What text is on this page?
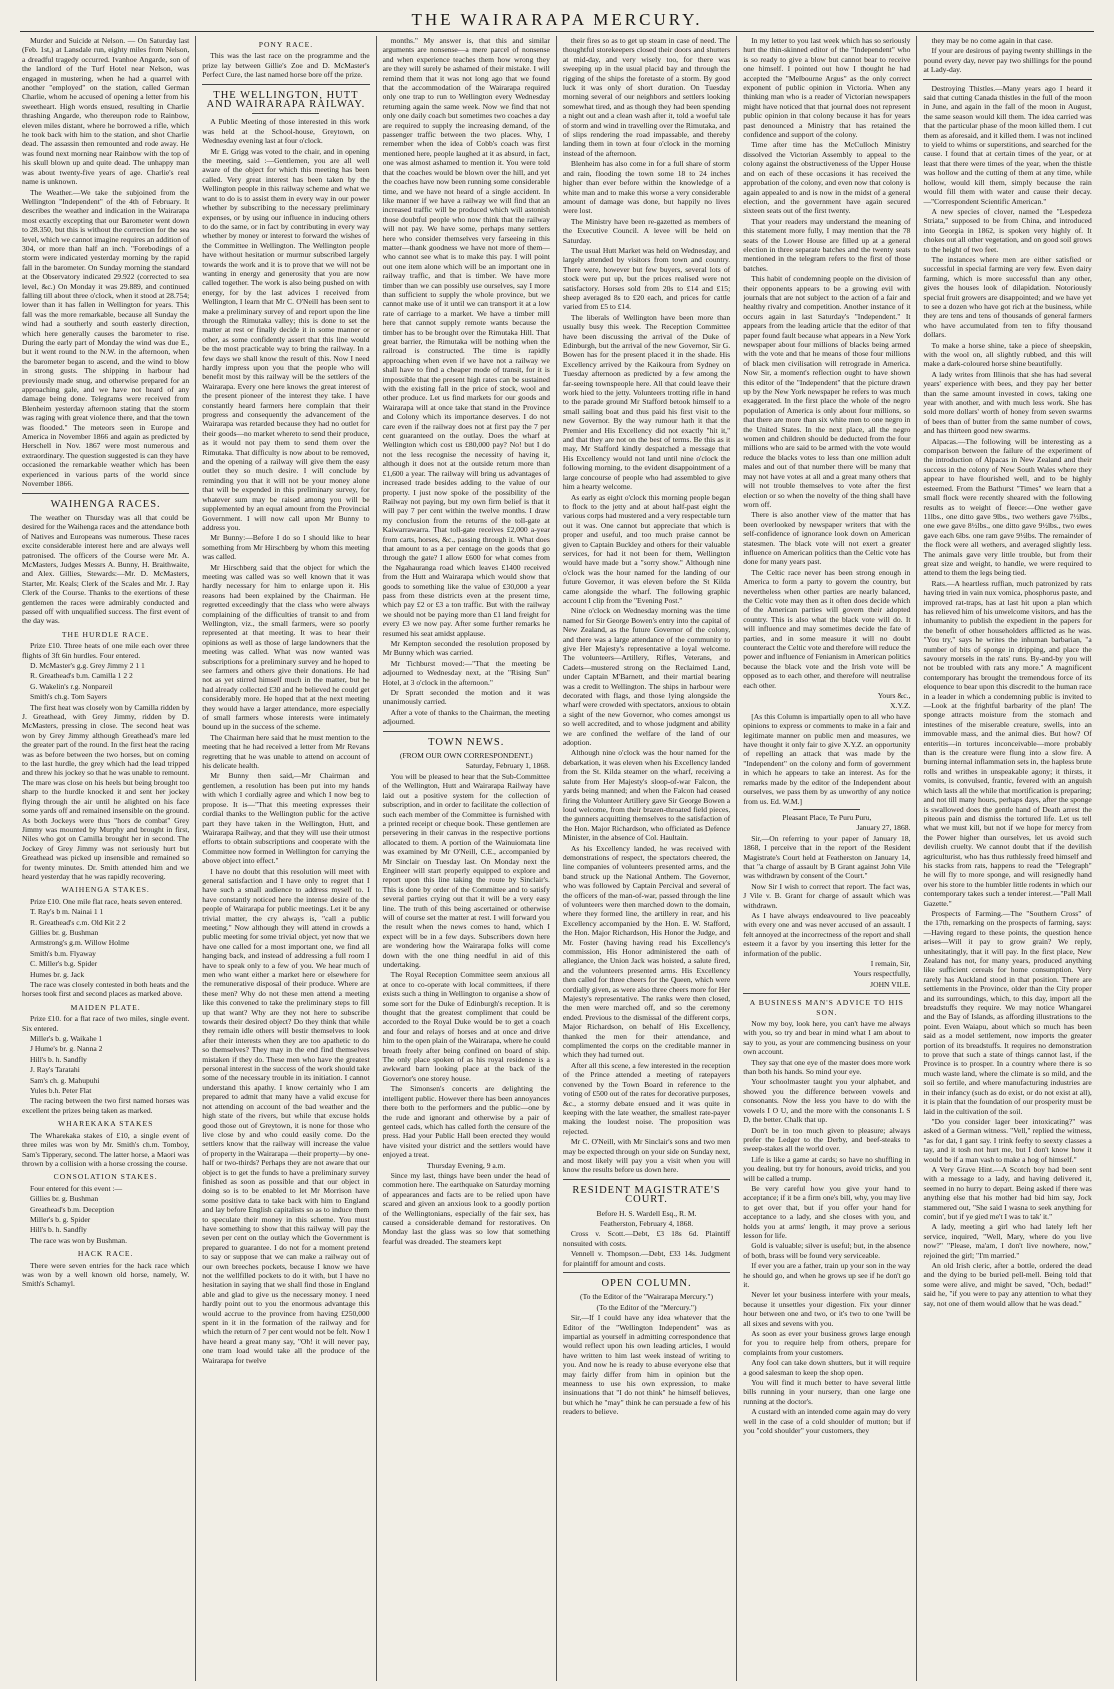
THE WAIRARAPA MERCURY.

Murder and Suicide at Nelson. — On Saturday last (Feb. 1st,) at Lansdale run, eighty miles from Nelson, a dreadful tragedy occurred. Ivanhoe Angarde, son of the landlord of the Turf Hotel near Nelson, was engaged in mustering, when he had a quarrel with another "employed" on the station, called German Charlie, whom he accused of opening a letter from his sweetheart. High words ensued, resulting in Charlie thrashing Angarde, who thereupon rode to Rainbow, eleven miles distant, where he borrowed a rifle, which he took back with him to the station, and shot Charlie dead. The assassin then remounted and rode away. He was found next morning near Rainbow with the top of his skull blown up and quite dead. The unhappy man was about twenty-five years of age. Charlie's real name is unknown.

The Weather.—We take the subjoined from the Wellington "Independent" of the 4th of February. It describes the weather and indication in the Wairarapa most exactly excepting that our Barometer went down to 28.350, but this is without the correction for the sea level, which we cannot imagine requires an addition of 304, or more than half an inch. "Forebodings of a storm were indicated yesterday morning by the rapid fall in the barometer. On Sunday morning the standard at the Observatory indicated 29.922 (corrected to sea level, &c.) On Monday it was 29.889, and continued falling till about three o'clock, when it stood at 28.754; lower than it has fallen in Wellington for years. This fall was the more remarkable, because all Sunday the wind had a southerly and south easterly direction, which here generally causes the barometer to rise. During the early part of Monday the wind was due E., but it went round to the N.W. in the afternoon, when the barometer began to ascend, and the wind to blow in strong gusts. The shipping in harbour had previously made snug, and otherwise prepared for an approaching gale, and we have not heard of any damage being done. Telegrams were received from Blenheim yesterday afternoon stating that the storm was raging with great violence there, and that the town was flooded." The meteors seen in Europe and America in November 1866 and again as predicted by Herschell in Nov. 1867 were most numerous and extraordinary. The question suggested is can they have occasioned the remarkable weather which has been experienced in various parts of the world since November 1866.

WAIHENGA RACES.

The weather on Thursday was all that could be desired for the Waihenga races and the attendance both of Natives and Europeans was numerous. These races excite considerable interest here and are always well patronised. The officers of the Course were Mr. A. McMasters, Judges Messrs A. Bunny, H. Braithwaite, and Alex. Gillies, Stewards:—Mr. D. McMasters, Starter, Mr. Keals; Clerk of the Scales and Mr. J. Ray Clerk of the Course. Thanks to the exertions of these gentlemen the races were admirably conducted and passed off with unqualified success. The first event of the day was.

THE HURDLE RACE.

Prize £10. Three heats of one mile each over three flights of 3ft 6in hurdles. Four entered.

D. McMaster's g.g. Grey Jimmy 2 1 1

R. Greathead's b.m. Camilla 1 2 2

G. Wakelin's r.g. Nonpareil

Smith's ch.g. Tom Sayers

The first heat was closely won by Camilla ridden by J. Greathead, with Grey Jimmy, ridden by D. McMasters, pressing in close. The second heat was won by Grey Jimmy although Greathead's mare led the greater part of the round. In the first heat the racing was as before between the two horses, but on coming to the last hurdle, the grey which had the lead tripped and threw his jockey so that he was unable to remount. The mare was close on his heels but being brought too sharp to the hurdle knocked it and sent her jockey flying through the air until he alighted on his face some yards off and remained insensible on the ground. As both Jockeys were thus "hors de combat" Grey Jimmy was mounted by Murphy and brought in first, Niles who got on Camilla brought her in second. The Jockey of Grey Jimmy was not seriously hurt but Greathead was picked up insensible and remained so for twenty minutes. Dr. Smith attended him and we heard yesterday that he was rapidly recovering.

WAIHENGA STAKES.

Prize £10. One mile flat race, heats seven entered.

T. Ray's b m. Nainai 1 1

R. Greathead's c.m. Old Kit 2 2

Gillies br. g. Bushman

Armstrong's g.m. Willow Holme

Smith's b.m. Flyaway

C. Miller's b.g. Spider

Humes br. g. Jack

The race was closely contested in both heats and the horses took first and second places as marked above.

MAIDEN PLATE.

Prize £10. for a flat race of two miles, single event. Six entered.

Miller's b. g. Waikahe 1

J Hume's br. g. Nanna 2

Hill's b. h. Sandfly

J. Ray's Taratahi

Sam's ch. g. Mahupuhi

Yules b.h. Peter Flat

The racing between the two first named horses was excellent the prizes being taken as marked.

WHAREKAKA STAKES

The Wharekaka stakes of £10, a single event of three miles was won by Mr. Smith's ch.m. Tomboy, Sam's Tipperary, second. The latter horse, a Maori was thrown by a collision with a horse crossing the course.

CONSOLATION STAKES.

Four entered for this event :—

Gillies br. g. Bushman

Greathead's b.m. Deception

Miller's b. g. Spider

Hill's b. h. Sandfly

The race was won by Bushman.

HACK RACE.

There were seven entries for the hack race which was won by a well known old horse, namely, W. Smith's Schamyl.

PONY RACE.

This was the last race on the programme and the prize lay between Gillie's Zoe and D. McMaster's Perfect Cure, the last named horse bore off the prize.

THE WELLINGTON, HUTT AND WAIRARAPA RAILWAY.

A Public Meeting of those interested in this work was held at the School-house, Greytown, on Wednesday evening last at four o'clock.

Mr E. Grigg was voted to the chair, and in opening the meeting, said :—Gentlemen, you are all well aware of the object for which this meeting has been called. Very great interest has been taken by the Wellington people in this railway scheme and what we want to do is to assist them in every way in our power whether by subscribing to the necessary preliminary expenses, or by using our influence in inducing others to do the same, or in fact by contributing in every way whether by money or interest to forward the wishes of the Committee in Wellington. The Wellington people have without hesitation or murmur subscribed largely towards the work and it is to prove that we will not be wanting in energy and generosity that you are now called together. The work is also being pushed on with energy, for by the last advices I received from Wellington, I learn that Mr C. O'Neill has been sent to make a preliminary survey of and report upon the line through the Rimutaka valley; this is done to set the matter at rest or finally decide it in some manner or other, as some confidently assert that this line would be the most practicable way to bring the railway. In a few days we shall know the result of this. Now I need hardly impress upon you that the people who will benefit most by this railway will be the settlers of the Wairarapa. Every one here knows the great interest of the present pioneer of the interest they take. I have constantly heard farmers here complain that their progress and consequently the advancement of the Wairarapa was retarded because they had no outlet for their goods—no market whereto to send their produce, as it would not pay them to send them over the Rimutaka. That difficulty is now about to be removed, and the opening of a railway will give them the easy outlet they so much desire. I will conclude by reminding you that it will not be your money alone that will be expended in this preliminary survey, for whatever sum may be raised among you will be supplemented by an equal amount from the Provincial Government. I will now call upon Mr Bunny to address you.

Mr Bunny:—Before I do so I should like to hear something from Mr Hirschberg by whom this meeting was called.

Mr Hirschberg said that the object for which the meeting was called was so well known that it was hardly necessary for him to enlarge upon it. His reasons had been explained by the Chairman. He regretted exceedingly that the class who were always complaining of the difficulties of transit to and from Wellington, viz., the small farmers, were so poorly represented at that meeting. It was to hear their opinions as well as those of large landowners that the meeting was called. What was now wanted was subscriptions for a preliminary survey and he hoped to see farmers and others give their donations. He had not as yet stirred himself much in the matter, but he had already collected £30 and he believed he could get considerably more. He hoped that at the next meeting they would have a larger attendance, more especially of small farmers whose interests were intimately bound up in the success of the scheme.

The Chairman here said that he must mention to the meeting that he had received a letter from Mr Revans regretting that he was unable to attend on account of his delicate health.

Mr Bunny then said,—Mr Chairman and gentlemen, a resolution has been put into my hands with which I cordially agree and which I now beg to propose. It is—"That this meeting expresses their cordial thanks to the Wellington public for the active part they have taken in the Wellington, Hutt, and Wairarapa Railway, and that they will use their utmost efforts to obtain subscriptions and cooperate with the Committee now formed in Wellington for carrying the above object into effect."

I have no doubt that this resolution will meet with general satisfaction and I have only to regret that I have such a small audience to address myself to. I have constantly noticed here the intense desire of the people of Wairarapa for public meetings. Let it be any trivial matter, the cry always is, "call a public meeting." Now although they will attend in crowds a public meeting for some trivial object, yet now that we have one called for a most important one, we find all hanging back, and instead of addressing a full room I have to speak only to a few of you. We hear much of men who want either a market here or elsewhere for the remunerative disposal of their produce. Where are these men? Why do not these men attend a meeting like this convened to take the preliminary steps to fill up that want? Why are they not here to subscribe towards their desired object? Do they think that while they remain idle others will bestir themselves to look after their interests when they are too apathetic to do so themselves? They may in the end find themselves mistaken if they do. These men who have the greatest personal interest in the success of the work should take some of the necessary trouble in its initiation. I cannot understand this apathy. I know certainly who I am prepared to admit that many have a valid excuse for not attending on account of the bad weather and the high state of the rivers, but while that excuse holds good those out of Greytown, it is none for those who live close by and who could easily come. Do the settlers know that the railway will increase the value of property in the Wairarapa —their property—by one-half or two-thirds? Perhaps they are not aware that our object is to get the funds to have a preliminary survey finished as soon as possible and that our object in doing so is to be enabled to let Mr Morrison have some positive data to take back with him to England and lay before English capitalists so as to induce them to speculate their money in this scheme. You must have something to show that this railway will pay the seven per cent on the outlay which the Government is prepared to guarantee. I do not for a moment pretend to say or suppose that we can make a railway out of our own breeches pockets, because I know we have not the wellfilled pockets to do it with, but I have no hesitation in saying that we shall find those in England able and glad to give us the necessary money. I need hardly point out to you the enormous advantage this would accrue to the province from having £250,000 spent in it in the formation of the railway and for which the return of 7 per cent would not be felt. Now I have heard a great many say, "Oh! it will never pay, one tram load would take all the produce of the Wairarapa for twelve

months." My answer is, that this and similar arguments are nonsense—a mere parcel of nonsense and when experience teaches them how wrong they are they will surely be ashamed of their mistake. I will remind them that it was not long ago that we found that the accommodation of the Wairarapa required only one trap to run to Wellington every Wednesday returning again the same week. Now we find that not only one daily coach but sometimes two coaches a day are required to supply the increasing demand, of the passenger traffic between the two places. Why, I remember when the idea of Cobb's coach was first mentioned here, people laughed at it as absurd, in fact, one was almost ashamed to mention it. You were told that the coaches would be blown over the hill, and yet the coaches have now been running some considerable time, and we have not heard of a single accident. In like manner if we have a railway we will find that an increased traffic will be produced which will astonish those doubtful people who now think that the railway will not pay. We have some, perhaps many settlers here who consider themselves very farseeing in this matter—thank goodness we have not more of them—who cannot see what is to make this pay. I will point out one item alone which will be an important one in railway traffic, and that is timber. We have more timber than we can possibly use ourselves, say I more than sufficient to supply the whole province, but we cannot make use of it until we can transport it at a low rate of carriage to a market. We have a timber mill here that cannot supply remote wants because the timber has to be brought over the Rimutaka Hill. That great barrier, the Rimutaka will be nothing when the railroad is constructed. The time is rapidly approaching when even if we have not a railway we shall have to find a cheaper mode of transit, for it is impossible that the present high rates can be sustained with the existing fall in the price of stock, wool and other produce. Let us find markets for our goods and Wairarapa will at once take that stand in the Province and Colony which its importance deserves. I do not care even if the railway does not at first pay the 7 per cent guaranteed on the outlay. Does the wharf at Wellington which cost us £80,000 pay? No! but I do not the less recognise the necessity of having it, although it does not at the outside return more than £1,600 a year. The railway will bring us advantages of increased trade besides adding to the value of our property. I just now spoke of the possibility of the Railway not paying, but my own firm belief is that it will pay 7 per cent within the twelve months. I draw my conclusion from the returns of the toll-gate at Kaiwarrawarra. That toll-gate receives £2,000 a-year from carts, horses, &c., passing through it. What does that amount to as a per centage on the goods that go through the gate? I allow £600 for what comes from the Ngahauranga road which leaves £1400 received from the Hutt and Wairarapa which would show that goods to something like the value of £30,000 a year pass from these districts even at the present time, which pay £2 or £3 a ton traffic. But with the railway we should not be paying more than £1 land freight for every £3 we now pay. After some further remarks he resumed his seat amidst applause.

Mr Kempton seconded the resolution proposed by Mr Bunny which was carried.

Mr Tichburst moved:—"That the meeting be adjourned to Wednesday next, at the "Rising Sun" Hotel, at 3 o'clock in the afternoon."

Dr Spratt seconded the motion and it was unanimously carried.

After a vote of thanks to the Chairman, the meeting adjourned.

TOWN NEWS.

(FROM OUR OWN CORRESPONDENT.)

Saturday, February 1, 1868.

You will be pleased to hear that the Sub-Committee of the Wellington, Hutt and Wairarapa Railway have laid out a positive system for the collection of subscription, and in order to facilitate the collection of such each member of the Committee is furnished with a printed receipt or cheque book. These gentlemen are persevering in their canvas in the respective portions allocated to them. A portion of the Wainuiomata line was examined by Mr O'Neill, C.E., accompanied by Mr Sinclair on Tuesday last. On Monday next the Engineer will start properly equipped to explore and report upon this line taking the route by Sinclair's. This is done by order of the Committee and to satisfy several parties crying out that it will be a very easy line. The truth of this being ascertained or otherwise will of course set the matter at rest. I will forward you the result when the news comes to hand, which I expect will be in a few days. Subscribers down here are wondering how the Wairarapa folks will come down with the one thing needful in aid of this undertaking.

The Royal Reception Committee seem anxious all at once to co-operate with local committees, if there exists such a thing in Wellington to organise a show of some sort for the Duke of Edinburgh's reception. It is thought that the greatest compliment that could be accorded to the Royal Duke would be to get a coach and four and relays of horses and at once and drive him to the open plain of the Wairarapa, where he could breath freely after being confined on board of ship. The only place spoken of as his royal residence is a awkward barn looking place at the back of the Governor's one storey house.

The Simonsen's concerts are delighting the intelligent public. However there has been annoyances there both to the performers and the public—one by the rude and ignorant and otherwise by a pair of genteel cads, which has called forth the censure of the press. Had your Public Hall been erected they would have visited your district and the settlers would have enjoyed a treat.

Thursday Evening, 9 a.m.

Since my last, things have been under the head of commotion here. The earthquake on Saturday morning of appearances and facts are to be relied upon have scared and given an anxious look to a goodly portion of the Wellingtonians, especially of the fair sex, has caused a considerable demand for restoratives. On Monday last the glass was so low that something fearful was dreaded. The steamers kept

their fires so as to get up steam in case of need. The thoughtful storekeepers closed their doors and shutters at mid-day, and very wisely too, for there was sweeping up in the usual placid bay and through the rigging of the ships the foretaste of a storm. By good luck it was only of short duration. On Tuesday morning several of our neighbors and settlers looking somewhat tired, and as though they had been spending a night out and a clean wash after it, told a woeful tale of storm and wind in travelling over the Rimutaka, and of slips rendering the road impassable, and thereby landing them in town at four o'clock in the morning instead of the afternoon.

Blenheim has also come in for a full share of storm and rain, flooding the town some 18 to 24 inches higher than ever before within the knowledge of a white man and to make this worse a very considerable amount of damage was done, but happily no lives were lost.

The Ministry have been re-gazetted as members of the Executive Council. A levee will be held on Saturday.

The usual Hutt Market was held on Wednesday, and largely attended by visitors from town and country. There were, however but few buyers, several lots of stock were put up, but the prices realised were not satisfactory. Horses sold from 20s to £14 and £15; sheep averaged 8s to £20 each, and prices for cattle varied from £5 to £14.

The liberals of Wellington have been more than usually busy this week. The Reception Committee have been discussing the arrival of the Duke of Edinburgh, but the arrival of the new Governor, Sir G. Bowen has for the present placed it in the shade. His Excellency arrived by the Kaikoura from Sydney on Tuesday afternoon as predicted by a few among the far-seeing townspeople here. All that could leave their work hied to the jetty. Volunteers trotting rifle in hand to the parade ground Mr Stafford betook himself to a small sailing boat and thus paid his first visit to the new Governor. By the way rumour hath it that the Premier and His Excellency did not exactly "hit it," and that they are not on the best of terms. Be this as it may, Mr Stafford kindly despatched a message that His Excellency would not land until nine o'clock the following morning, to the evident disappointment of a large concourse of people who had assembled to give him a hearty welcome.

As early as eight o'clock this morning people began to flock to the jetty and at about half-past eight the various corps had mustered and a very respectable turn out it was. One cannot but appreciate that which is proper and useful, and too much praise cannot be given to Captain Buckley and others for their valuable services, for had it not been for them, Wellington would have made but a "sorry show." Although nine o'clock was the hour named for the landing of our future Governor, it was eleven before the St Kilda came alongside the wharf. The following graphic account I clip from the "Evening Post."

Nine o'clock on Wednesday morning was the time named for Sir George Bowen's entry into the capital of New Zealand, as the future Governor of the colony, and there was a large attendance of the community to give Her Majesty's representative a loyal welcome. The volunteers—Artillery, Rifles, Veterans, and Cadets—mustered strong on the Reclaimed Land, under Captain M'Barnett, and their martial bearing was a credit to Wellington. The ships in harbour were decorated with flags, and those lying alongside the wharf were crowded with spectators, anxious to obtain a sight of the new Governor, who comes amongst us so well accredited, and to whose judgment and ability we are confined the welfare of the land of our adoption.

Although nine o'clock was the hour named for the debarkation, it was eleven when his Excellency landed from the St. Kilda steamer on the wharf, receiving a salute from Her Majesty's sloop-of-war Falcon, the yards being manned; and when the Falcon had ceased firing the Volunteer Artillery gave Sir George Bowen a loud welcome, from their brazen-throated field pieces, the gunners acquitting themselves to the satisfaction of the Hon. Major Richardson, who officiated as Defence Minister, in the absence of Col. Haultain.

As his Excellency landed, he was received with demonstrations of respect, the spectators cheered, the line companies of volunteers presented arms, and the band struck up the National Anthem. The Governor, who was followed by Captain Percival and several of the officers of the man-of-war, passed through the line of volunteers were then marched down to the domain, where they formed line, the artillery in rear, and his Excellency accompanied by the Hon. E. W. Stafford, the Hon. Major Richardson, His Honor the Judge, and Mr. Foster (having having read his Excellency's commission, His Honor administered the oath of allegiance, the Union Jack was hoisted, a salute fired, and the volunteers presented arms. His Excellency then called for three cheers for the Queen, which were cordially given, as were also three cheers more for Her Majesty's representative. The ranks were then closed, the men were marched off, and so the ceremony ended. Previous to the dismissal of the different corps, Major Richardson, on behalf of His Excellency, thanked the men for their attendance, and complimented the corps on the creditable manner in which they had turned out.

After all this scene, a few interested in the reception of the Prince attended a meeting of ratepayers convened by the Town Board in reference to the voting of £500 out of the rates for decorative purposes, &c., a stormy debate ensued and it was quite in keeping with the late weather, the smallest rate-payer making the loudest noise. The proposition was rejected.

Mr C. O'Neill, with Mr Sinclair's sons and two men may be expected through on your side on Sunday next, and most likely will pay you a visit when you will know the results before us down here.

RESIDENT MAGISTRATE'S COURT.

Before H. S. Wardell Esq., R. M.

Featherston, February 4, 1868.

Cross v. Scott.—Debt, £3 18s 6d. Plaintiff nonsuited with costs.

Vennell v. Thompson.—Debt, £33 14s. Judgment for plaintiff for amount and costs.

OPEN COLUMN.

(To the Editor of the "Wairarapa Mercury.")

(To the Editor of the "Mercury.")

Sir,—If I could have any idea whatever that the Editor of the "Wellington Independent" was as impartial as yourself in admitting correspondence that would reflect upon his own leading articles, I would have written to him last week instead of writing to you. And now he is ready to abuse everyone else that may fairly differ from him in opinion but the meanness to use his own expression, to make insinuations that "I do not think" he himself believes, but which he "may" think he can persuade a few of his readers to believe.

In my letter to you last week which has so seriously hurt the thin-skinned editor of the "Independent" who is so ready to give a blow but cannot bear to receive one himself. I pointed out how I thought he had accepted the "Melbourne Argus" as the only correct exponent of public opinion in Victoria. When any thinking man who is a reader of Victorian newspapers might have noticed that that journal does not represent public opinion in that colony because it has for years past denounced a Ministry that has retained the confidence and support of the colony.

Time after time has the McCulloch Ministry dissolved the Victorian Assembly to appeal to the colony against the obstructiveness of the Upper House and on each of these occasions it has received the approbation of the colony, and even now that colony is again appealed to and is now in the midst of a general election, and the government have again secured sixteen seats out of the first twenty.

That your readers may understand the meaning of this statement more fully, I may mention that the 78 seats of the Lower House are filled up at a general election in three separate batches and the twenty seats mentioned in the telegram refers to the first of those batches.

This habit of condemning people on the division of their opponents appears to be a growing evil with journals that are not subject to the action of a fair and healthy rivalry and competition. Another instance of it occurs again in last Saturday's "Independent." It appears from the leading article that the editor of that paper found fault because what appears in a New York newspaper about four millions of blacks being armed with the vote and that he means of those four millions of black men civilisation will retrograde in America. Now Sir, a moment's reflection ought to have shown this editor of the "Independent" that the picture drawn up by the New York newspaper he refers to was much exaggerated. In the first place the whole of the negro population of America is only about four millions, so that there are more than six white men to one negro in the United States. In the next place, all the negro women and children should be deducted from the four millions who are said to be armed with the vote would reduce the blacks votes to less than one million adult males and out of that number there will be many that may not have votes at all and a great many others that will not trouble themselves to vote after the first election or so when the novelty of the thing shall have worn off.

There is also another view of the matter that has been overlooked by newspaper writers that with the self-confidence of ignorance look down on American statesmen. The black vote will not exert a greater influence on American politics than the Celtic vote has done for many years past.

The Celtic race never has been strong enough in America to form a party to govern the country, but nevertheless when other parties are nearly balanced, the Celtic vote may then as it often does decide which of the American parties will govern their adopted country. This is also what the black vote will do. It will influence and may sometimes decide the fate of parties, and in some measure it will no doubt counteract the Celtic vote and therefore will reduce the power and influence of Fenianism in American politics because the black vote and the Irish vote will be opposed as to each other, and therefore will neutralise each other.

Yours &c.,

X.Y.Z.

[As this Column is impartially open to all who have opinions to express or comments to make in a fair and legitimate manner on public men and measures, we have thought it only fair to give X.Y.Z. an opportunity of repelling an attack that was made by the "Independent" on the colony and form of government in which he appears to take an interest. As for the remarks made by the editor of the Independent about ourselves, we pass them by as unworthy of any notice from us. Ed. W.M.]

Pleasant Place, Te Puru Puru,

January 27, 1868.

Sir,—On referring to your paper of January 18, 1868, I perceive that in the report of the Resident Magistrate's Court held at Featherston on January 14, that "a charge of assault by B Grant against John Vile was withdrawn by consent of the Court."

Now Sir I wish to correct that report. The fact was, J Vile v. B. Grant for charge of assault which was withdrawn.

As I have always endeavoured to live peaceably with every one and was never accused of an assault. I felt annoyed at the incorrectness of the report and shall esteem it a favor by you inserting this letter for the information of the public.

I remain, Sir,

Yours respectfully,

JOHN VILE.

A BUSINESS MAN'S ADVICE TO HIS SON.

Now my boy, look here, you can't have me always with you, so try and bear in mind what I am about to say to you, as your are commencing business on your own account.

They say that one eye of the master does more work than both his hands. So mind your eye.

Your schoolmaster taught you your alphabet, and showed you the difference between vowels and consonants. Now the less you have to do with the vowels I O U, and the more with the consonants L S D, the better. Chalk that up.

Don't be in too much given to pleasure; always prefer the Ledger to the Derby, and beef-steaks to sweep-stakes all the world over.

Life is like a game at cards; so have no shuffling in you dealing, but try for honours, avoid tricks, and you will be called a trump.

Be very careful how you give your hand to acceptance; if it be a firm one's bill, why, you may live to get over that, but if you offer your hand for acceptance to a lady, and she closes with you, and holds you at arms' length, it may prove a serious lesson for life.

Gold is valuable; silver is useful; but, in the absence of both, brass will be found very serviceable.

If ever you are a father, train up your son in the way he should go, and when he grows up see if he don't go it.

Never let your business interfere with your meals, because it unsettles your digestion. Fix your dinner hour between one and two, or it's two to one 'twill be all sixes and sevens with you.

As soon as ever your business grows large enough for you to require help from others, prepare for complaints from your customers.

Any fool can take down shutters, but it will require a good salesman to keep the shop open.

You will find it much better to have several little bills running in your nursery, than one large one running at the doctor's.

A custard with an intended come again may do very well in the case of a cold shoulder of mutton; but if you "cold shoulder" your customers, they

they may be no come again in that case.

If your are desirous of paying twenty shillings in the pound every day, never pay two shillings for the pound at Lady-day.

Destroying Thistles.—Many years ago I heard it said that cutting Canada thistles in the full of the moon in June, and again in the fall of the moon in August, the same season would kill them. The idea carried was that the particular phase of the moon killed them. I cut them as aforesaid, and it killed them. I was not inclined to yield to whims or superstitions, and searched for the cause. I found that at certain times of the year, or at least that there were times of the year, when the thistle was hollow and the cutting of them at any time, while hollow, would kill them, simply because the rain would fill them with water and cause their decay.—"Correspondent Scientific American."

A new species of clover, named the "Lespedeza Striata," supposed to be from China, and introduced into Georgia in 1862, is spoken very highly of. It chokes out all other vegetation, and on good soil grows to the height of two feet.

The instances where men are either satisfied or successful in special farming are very few. Even dairy farming, which is more successful than any other, gives the houses look of dilapidation. Notoriously special fruit growers are disappointed; and we have yet to see a dozen who have got rich at the business, while they are tens and tens of thousands of general farmers who have accumulated from ten to fifty thousand dollars.

To make a horse shine, take a piece of sheepskin, with the wool on, all slightly rubbed, and this will make a dark-coloured horse shine beautifully.

A lady writes from Illinois that she has had several years' experience with bees, and they pay her better than the same amount invested in cows, taking one year with another, and with much less work. She has sold more dollars' worth of honey from seven swarms of bees than of butter from the same number of cows, and has thirteen good new swarms.

Alpacas.—The following will be interesting as a comparison between the failure of the experiment of the introduction of Alpacas in New Zealand and their success in the colony of New South Wales where they appear to have flourished well, and to be highly esteemed. From the Bathurst "Times" we learn that a small flock were recently sheared with the following results as to weight of fleece:—One wether gave 11lbs., one ditto gave 9lbs., two wethers gave 7½lbs., one ewe gave 8½lbs., one ditto gave 9½lbs., two ewes gave each 6lbs. one ram gave 9½lbs. The remainder of the flock were all wethers, and averaged slightly less. The animals gave very little trouble, but from their great size and weight, to handle, we were required to attend to them the legs being tied.

Rats.—A heartless ruffian, much patronized by rats having tried in vain nux vomica, phosphorus paste, and improved rat-traps, has at last hit upon a plan which has relieved him of his unwelcome visitors, and has the inhumanity to publish the expedient in the papers for the benefit of other householders afflicted as he was. "You try," says he writes the inhuman barbarian, "a number of bits of sponge in dripping, and place the savoury morsels in the rats' runs. By-and-by you will not be troubled with rats any more." A magnificent contemporary has brought the tremendous force of its eloquence to bear upon this discredit to the human race in a leader in which a condemning public is invited to—Look at the frightful barbarity of the plan! The sponge attracts moisture from the stomach and intestines of the miserable creature, swells, into an immovable mass, and the animal dies. But how? Of enteritis—in tortures inconceivable—more probably than is the creature were flung into a slow fire. A burning internal inflammation sets in, the hapless brute rolls and writhes in unspeakable agony; it thirsts, it vomits, is convulsed, frantic, fevered with an anguish which lasts all the while that mortification is preparing; and not till many hours, perhaps days, after the sponge is swallowed does the gentle hand of Death arrest the piteous pain and dismiss the tortured life. Let us tell what we must kill, but not if we hope for mercy from the Power higher than ourselves, let us avoid such devilish cruelty. We cannot doubt that if the devilish agriculturist, who has thus ruthlessly freed himself and his stacks from rats, happens to read the "Telegraph" he will fly to more sponge, and will resignedly hand over his store to the humbler little rodents in which our contemporary takes such a tender interest.—"Pall Mall Gazette."

Prospects of Farming.—The "Southern Cross" of the 17th, remarking on the prospects of farming, says:—Having regard to these points, the question hence arises—Will it pay to grow grain? We reply, unhesitatingly, that it will pay. In the first place, New Zealand has not, for many years, produced anything like sufficient cereals for home consumption. Very rarely has Auckland stood in that position. There are settlements in the Province, older than the City proper and its surroundings, which, to this day, import all the breadstuffs they require. We may notice Whangarei and the Bay of Islands, as affording illustrations to the point. Even Waiapu, about which so much has been said as a model settlement, now imports the greater portion of its breadstuffs. It requires no demonstration to prove that such a state of things cannot last, if the Province is to prosper. In a country where there is so much waste land, where the climate is so mild, and the soil so fertile, and where manufacturing industries are in their infancy (such as do exist, or do not exist at all), it is plain that the foundation of our prosperity must be laid in the cultivation of the soil.

"Do you consider lager beer intoxicating?" was asked of a German witness. "Vell," replied the witness, "as for dat, I gant say. I trink feefty to seexty classes a tay, and it tosh not hurt me, but I don't know how it would be if a man vash to make a hog of himself."

A Very Grave Hint.—A Scotch boy had been sent with a message to a lady, and having delivered it, seemed in no hurry to depart. Being asked if there was anything else that his mother had bid him say, Jock stammered out, "She said I wasna to seek anything for comin', but if ye gied me't I was to tak' it."

A lady, meeting a girl who had lately left her service, inquired, "Well, Mary, where do you live now?" "Please, ma'am, I don't live nowhere, now," rejoined the girl; "I'm married."

An old Irish cleric, after a bottle, ordered the dead and the dying to be buried pell-mell. Being told that some were alive, and might be saved, "Och, bedad!" said he, "if you were to pay any attention to what they say, not one of them would allow that he was dead."
